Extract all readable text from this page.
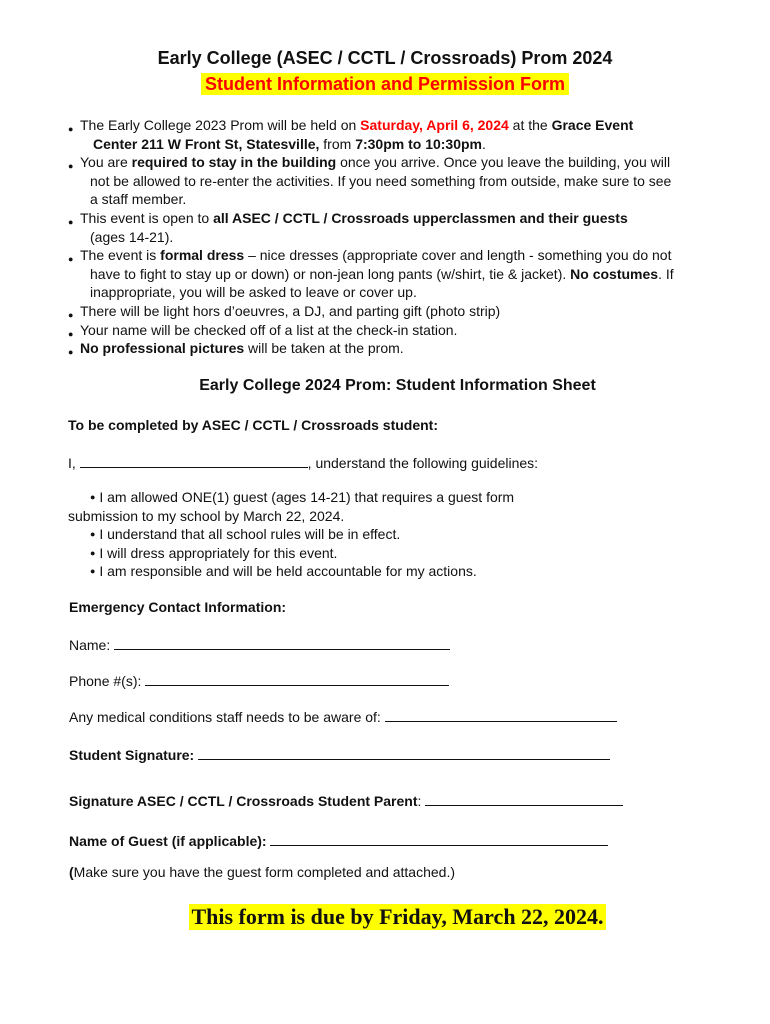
Early College (ASEC / CCTL / Crossroads) Prom 2024
Student Information and Permission Form
● The Early College 2023 Prom will be held on Saturday, April 6, 2024 at the Grace Event
Center 211 W Front St, Statesville, from 7:30pm to 10:30pm.
● You are required to stay in the building once you arrive. Once you leave the building, you will
not be allowed to re-enter the activities. If you need something from outside, make sure to see
a staff member.
● This event is open to all ASEC / CCTL / Crossroads upperclassmen and their guests
(ages 14-21).
● The event is formal dress – nice dresses (appropriate cover and length - something you do not
have to fight to stay up or down) or non-jean long pants (w/shirt, tie & jacket). No costumes. If
inappropriate, you will be asked to leave or cover up.
● There will be light hors d’oeuvres, a DJ, and parting gift (photo strip)
● Your name will be checked off of a list at the check-in station.
● No professional pictures will be taken at the prom.
Early College 2024 Prom: Student Information Sheet
To be completed by ASEC / CCTL / Crossroads student:
I,	, understand the following guidelines:
● I am allowed ONE(1) guest (ages 14-21) that requires a guest form
submission to my school by March 22, 2024.
● I understand that all school rules will be in effect.
● I will dress appropriately for this event.
● I am responsible and will be held accountable for my actions.
Emergency Contact Information:
Name:
Phone #(s):
Any medical conditions staff needs to be aware of:
Student Signature:
Signature ASEC / CCTL / Crossroads Student Parent:
Name of Guest (if applicable):
(Make sure you have the guest form completed and attached.)
This form is due by Friday, March 22, 2024.
